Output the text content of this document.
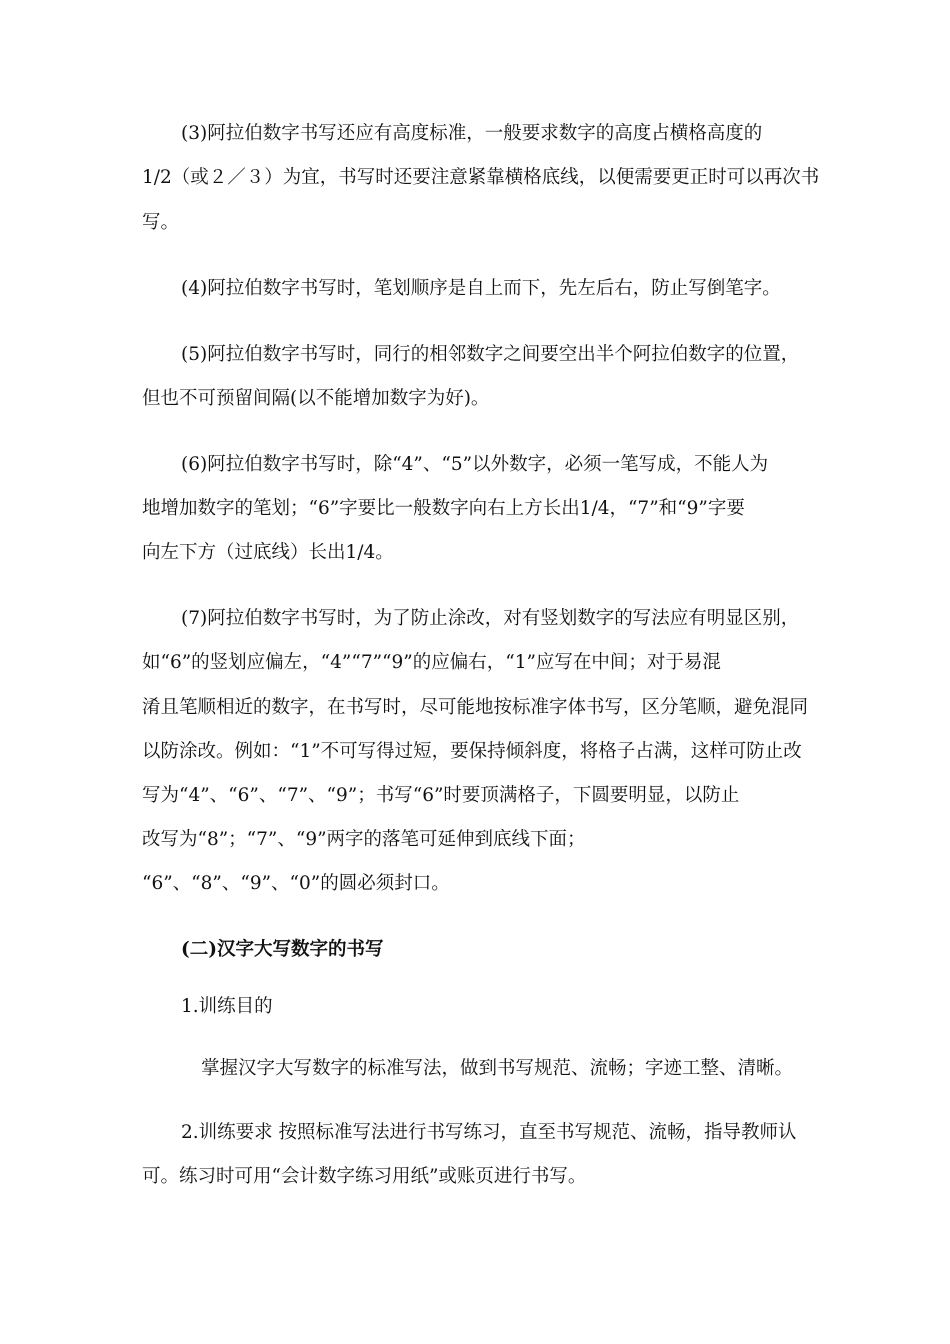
(3)阿拉伯数字书写还应有高度标准，一般要求数字的高度占横格高度的
1/2（或２／３）为宜，书写时还要注意紧靠横格底线，以便需要更正时可以再次书
写。
(4)阿拉伯数字书写时，笔划顺序是自上而下，先左后右，防止写倒笔字。
(5)阿拉伯数字书写时，同行的相邻数字之间要空出半个阿拉伯数字的位置，
但也不可预留间隔(以不能增加数字为好)。
(6)阿拉伯数字书写时，除“4”、“5”以外数字，必须一笔写成，不能人为
地增加数字的笔划；“6”字要比一般数字向右上方长出1/4，“7”和“9”字要
向左下方（过底线）长出1/4。
(7)阿拉伯数字书写时，为了防止涂改，对有竖划数字的写法应有明显区别，
如“6”的竖划应偏左，“4”“7”“9”的应偏右，“1”应写在中间；对于易混
淆且笔顺相近的数字，在书写时，尽可能地按标准字体书写，区分笔顺，避免混同
以防涂改。例如：“1”不可写得过短，要保持倾斜度，将格子占满，这样可防止改
写为“4”、“6”、“7”、“9”；书写“6”时要顶满格子，下圆要明显，以防止
改写为“8”；“7”、“9”两字的落笔可延伸到底线下面；
“6”、“8”、“9”、“0”的圆必须封口。
(二)汉字大写数字的书写
1.训练目的
掌握汉字大写数字的标准写法，做到书写规范、流畅；字迹工整、清晰。
2.训练要求 按照标准写法进行书写练习，直至书写规范、流畅，指导教师认
可。练习时可用“会计数字练习用纸”或账页进行书写。
